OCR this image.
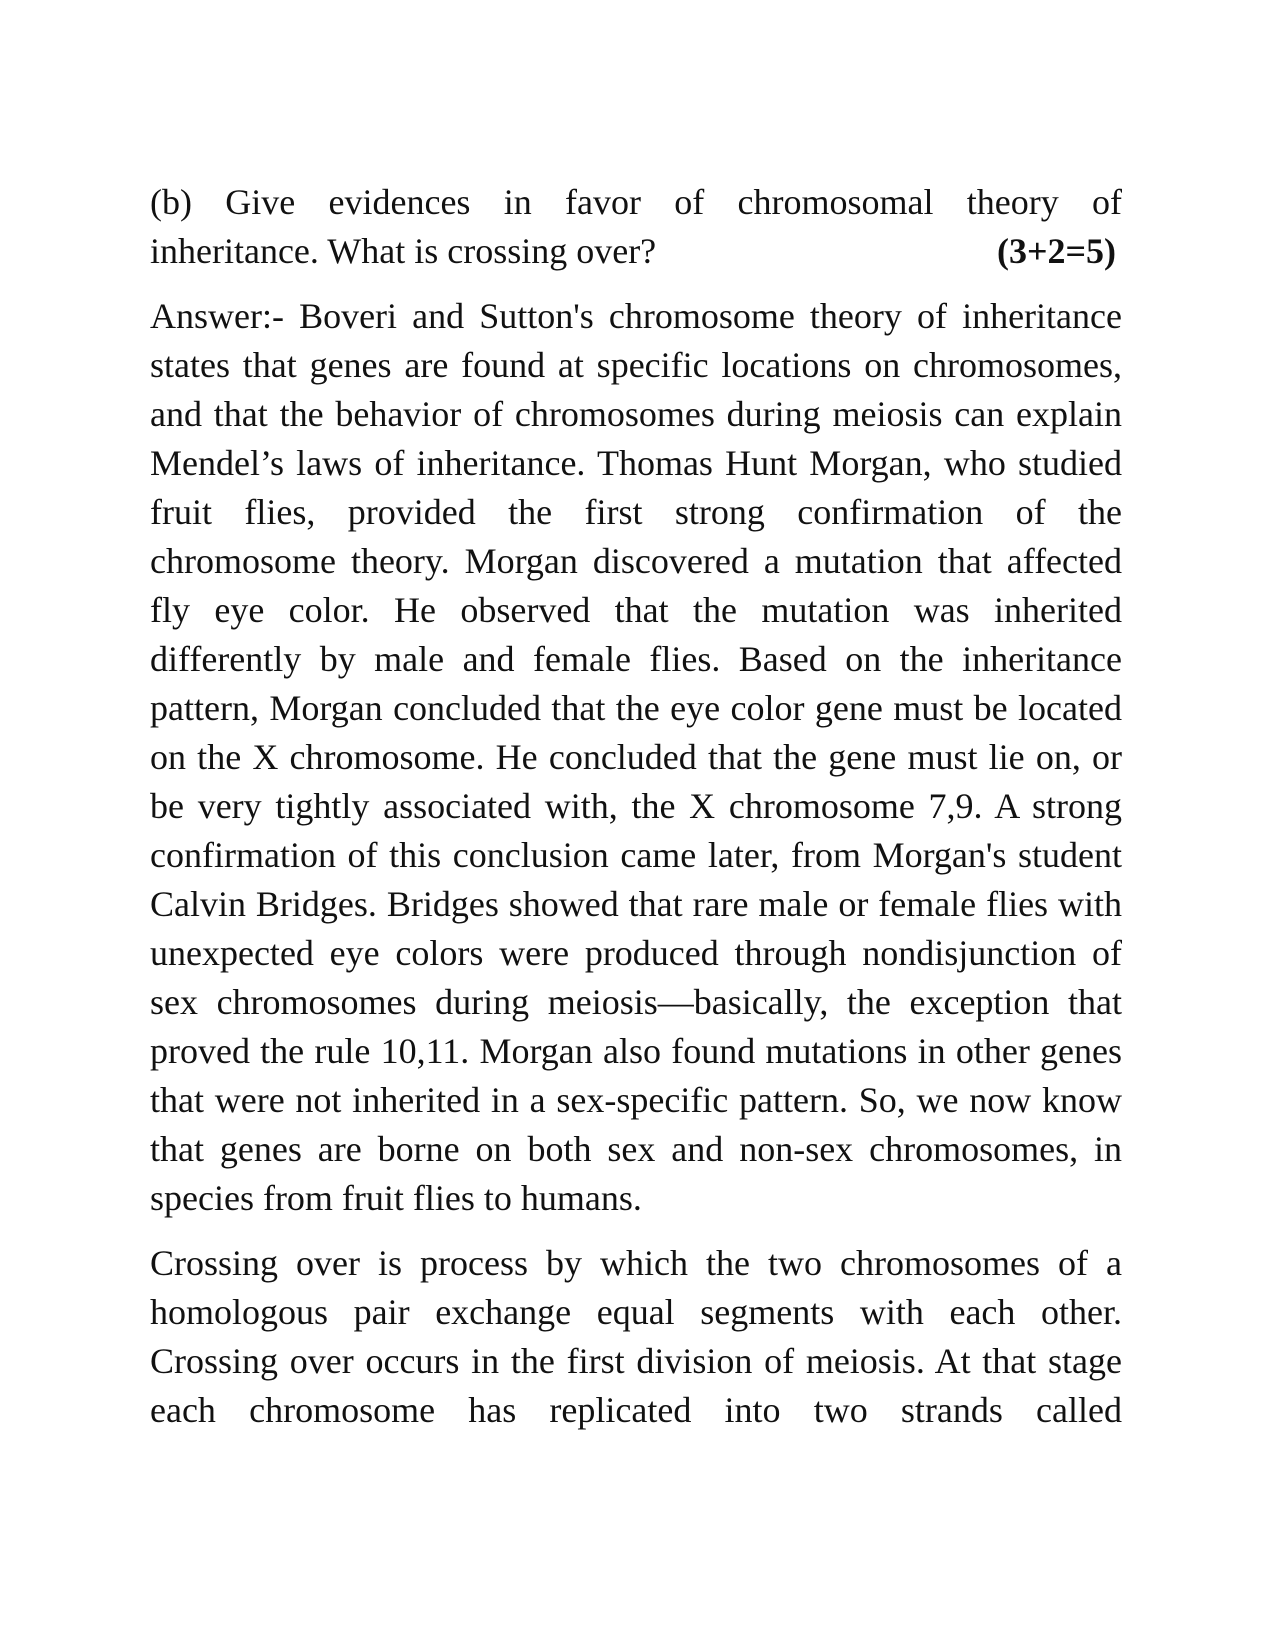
(b) Give evidences in favor of chromosomal theory of

inheritance. What is crossing over?	(3+2=5)

Answer:- Boveri and Sutton's chromosome theory of inheritance states that genes are found at specific locations on chromosomes, and that the behavior of chromosomes during meiosis can explain Mendel’s laws of inheritance. Thomas Hunt Morgan, who studied fruit flies, provided the first strong confirmation of the chromosome theory. Morgan discovered a mutation that affected fly eye color. He observed that the mutation was inherited differently by male and female flies. Based on the inheritance pattern, Morgan concluded that the eye color gene must be located on the X chromosome. He concluded that the gene must lie on, or be very tightly associated with, the X chromosome 7,9. A strong confirmation of this conclusion came later, from Morgan's student Calvin Bridges. Bridges showed that rare male or female flies with unexpected eye colors were produced through nondisjunction of sex chromosomes during meiosis—basically, the exception that proved the rule 10,11. Morgan also found mutations in other genes that were not inherited in a sex-specific pattern. So, we now know that genes are borne on both sex and non-sex chromosomes, in species from fruit flies to humans.

Crossing over is process by which the two chromosomes of a homologous pair exchange equal segments with each other. Crossing over occurs in the first division of meiosis. At that stage each chromosome has replicated into two strands called
